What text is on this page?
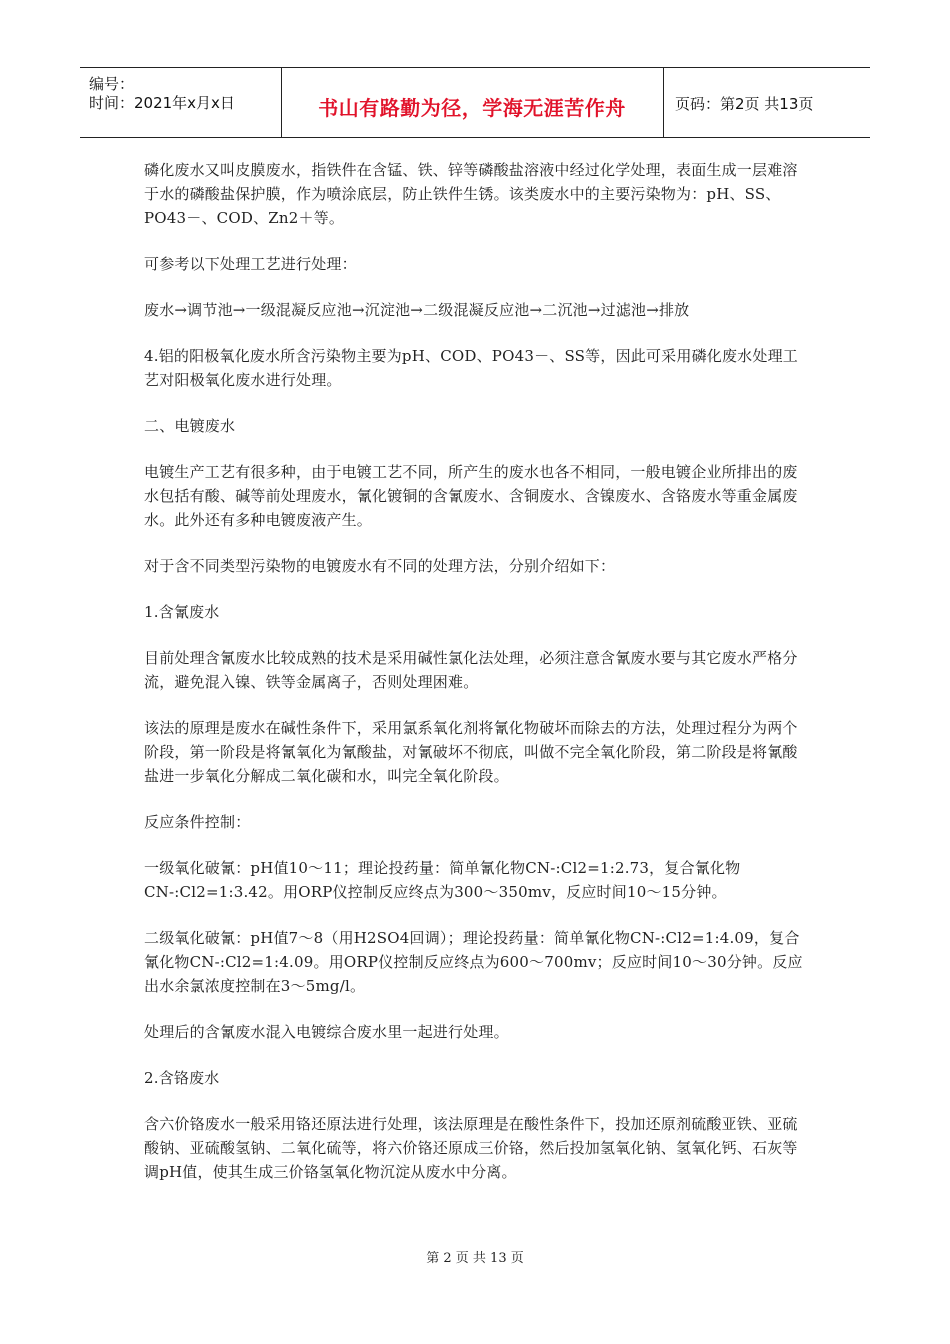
编号：
时间：2021年x月x日	书山有路勤为径，学海无涯苦作舟	页码：第2页 共13页

磷化废水又叫皮膜废水，指铁件在含锰、铁、锌等磷酸盐溶液中经过化学处理，表面生成一层难溶于水的磷酸盐保护膜，作为喷涂底层，防止铁件生锈。该类废水中的主要污染物为：pH、SS、PO43－、COD、Zn2＋等。

可参考以下处理工艺进行处理：

废水→调节池→一级混凝反应池→沉淀池→二级混凝反应池→二沉池→过滤池→排放

4.铝的阳极氧化废水所含污染物主要为pH、COD、PO43－、SS等，因此可采用磷化废水处理工艺对阳极氧化废水进行处理。

二、电镀废水

电镀生产工艺有很多种，由于电镀工艺不同，所产生的废水也各不相同，一般电镀企业所排出的废水包括有酸、碱等前处理废水，氰化镀铜的含氰废水、含铜废水、含镍废水、含铬废水等重金属废水。此外还有多种电镀废液产生。

对于含不同类型污染物的电镀废水有不同的处理方法，分别介绍如下：

1.含氰废水

目前处理含氰废水比较成熟的技术是采用碱性氯化法处理，必须注意含氰废水要与其它废水严格分流，避免混入镍、铁等金属离子，否则处理困难。

该法的原理是废水在碱性条件下，采用氯系氧化剂将氰化物破坏而除去的方法，处理过程分为两个阶段，第一阶段是将氰氧化为氰酸盐，对氰破坏不彻底，叫做不完全氧化阶段，第二阶段是将氰酸盐进一步氧化分解成二氧化碳和水，叫完全氧化阶段。

反应条件控制：

一级氧化破氰：pH值10～11；理论投药量：简单氰化物CN-:Cl2=1:2.73，复合氰化物CN-:Cl2=1:3.42。用ORP仪控制反应终点为300～350mv，反应时间10～15分钟。

二级氧化破氰：pH值7～8（用H2SO4回调）；理论投药量：简单氰化物CN-:Cl2=1:4.09，复合氰化物CN-:Cl2=1:4.09。用ORP仪控制反应终点为600～700mv；反应时间10～30分钟。反应出水余氯浓度控制在3～5mg/l。

处理后的含氰废水混入电镀综合废水里一起进行处理。

2.含铬废水

含六价铬废水一般采用铬还原法进行处理，该法原理是在酸性条件下，投加还原剂硫酸亚铁、亚硫酸钠、亚硫酸氢钠、二氧化硫等，将六价铬还原成三价铬，然后投加氢氧化钠、氢氧化钙、石灰等调pH值，使其生成三价铬氢氧化物沉淀从废水中分离。

第 2 页 共 13 页
